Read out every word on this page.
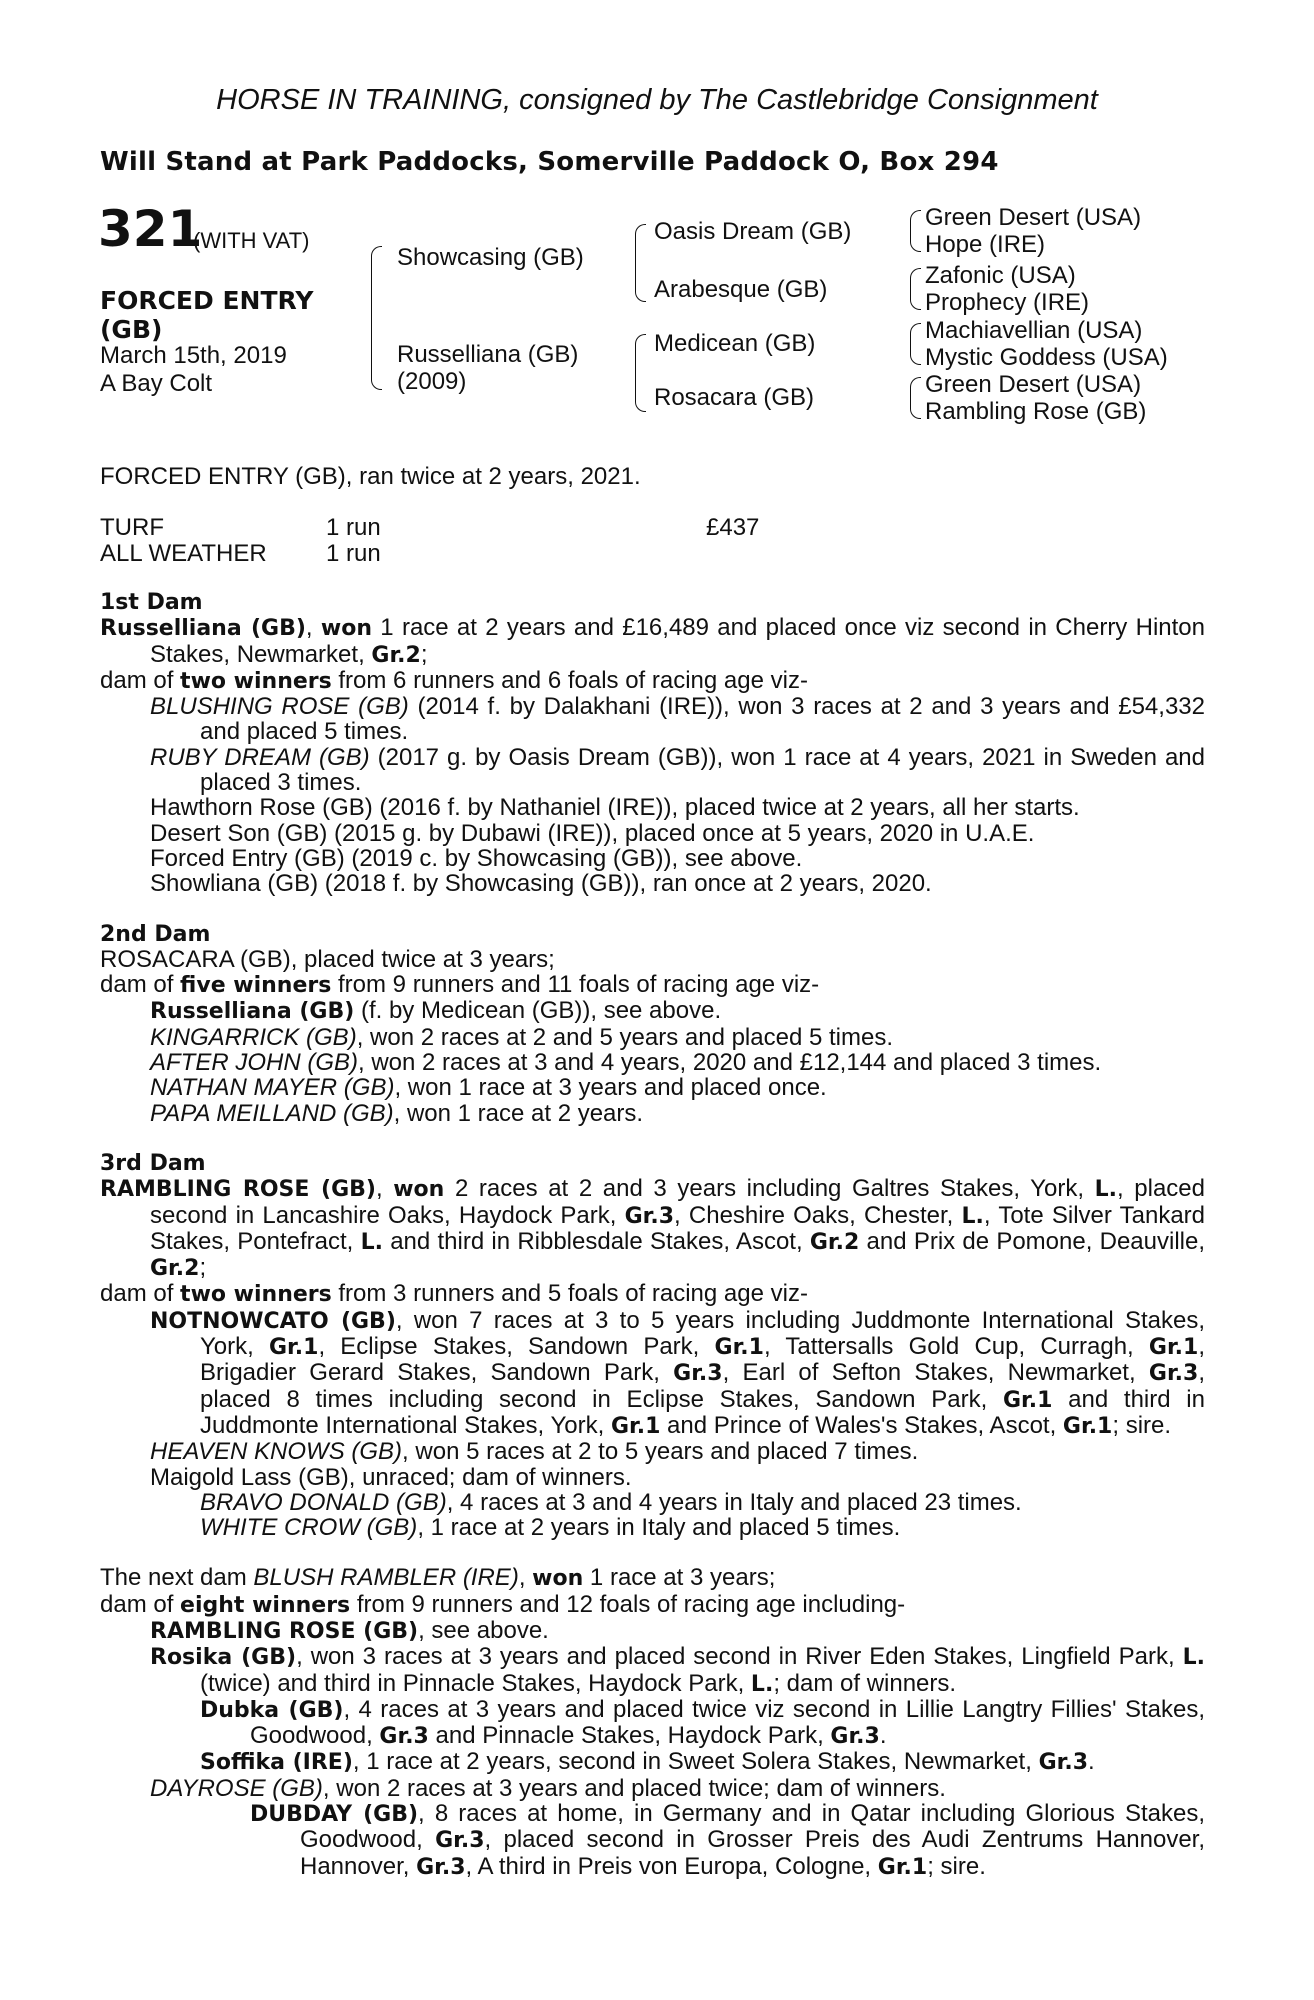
HORSE IN TRAINING, consigned by The Castlebridge Consignment
Will Stand at Park Paddocks, Somerville Paddock O, Box 294
321
(WITH VAT)
FORCED ENTRY (GB)
March 15th, 2019
A Bay Colt
Showcasing (GB)
Russelliana (GB)
(2009)
Oasis Dream (GB)
Arabesque (GB)
Medicean (GB)
Rosacara (GB)
Green Desert (USA)
Hope (IRE)
Zafonic (USA)
Prophecy (IRE)
Machiavellian (USA)
Mystic Goddess (USA)
Green Desert (USA)
Rambling Rose (GB)
FORCED ENTRY (GB), ran twice at 2 years, 2021.
TURF	1 run	£437
ALL WEATHER 1 run

1st Dam

Russelliana (GB), won 1 race at 2 years and £16,489 and placed once viz second in Cherry Hinton Stakes, Newmarket, Gr.2;

dam of two winners from 6 runners and 6 foals of racing age viz-

BLUSHING ROSE (GB) (2014 f. by Dalakhani (IRE)), won 3 races at 2 and 3 years and £54,332 and placed 5 times.

RUBY DREAM (GB) (2017 g. by Oasis Dream (GB)), won 1 race at 4 years, 2021 in Sweden and placed 3 times.

Hawthorn Rose (GB) (2016 f. by Nathaniel (IRE)), placed twice at 2 years, all her starts.

Desert Son (GB) (2015 g. by Dubawi (IRE)), placed once at 5 years, 2020 in U.A.E.

Forced Entry (GB) (2019 c. by Showcasing (GB)), see above.

Showliana (GB) (2018 f. by Showcasing (GB)), ran once at 2 years, 2020.

2nd Dam

ROSACARA (GB), placed twice at 3 years;

dam of five winners from 9 runners and 11 foals of racing age viz-

Russelliana (GB) (f. by Medicean (GB)), see above.

KINGARRICK (GB), won 2 races at 2 and 5 years and placed 5 times.

AFTER JOHN (GB), won 2 races at 3 and 4 years, 2020 and £12,144 and placed 3 times.

NATHAN MAYER (GB), won 1 race at 3 years and placed once.

PAPA MEILLAND (GB), won 1 race at 2 years.

3rd Dam

RAMBLING ROSE (GB), won 2 races at 2 and 3 years including Galtres Stakes, York, L., placed second in Lancashire Oaks, Haydock Park, Gr.3, Cheshire Oaks, Chester, L., Tote Silver Tankard Stakes, Pontefract, L. and third in Ribblesdale Stakes, Ascot, Gr.2 and Prix de Pomone, Deauville, Gr.2;

dam of two winners from 3 runners and 5 foals of racing age viz-

NOTNOWCATO (GB), won 7 races at 3 to 5 years including Juddmonte International Stakes, York, Gr.1, Eclipse Stakes, Sandown Park, Gr.1, Tattersalls Gold Cup, Curragh, Gr.1, Brigadier Gerard Stakes, Sandown Park, Gr.3, Earl of Sefton Stakes, Newmarket, Gr.3, placed 8 times including second in Eclipse Stakes, Sandown Park, Gr.1 and third in Juddmonte International Stakes, York, Gr.1 and Prince of Wales's Stakes, Ascot, Gr.1; sire.

HEAVEN KNOWS (GB), won 5 races at 2 to 5 years and placed 7 times.

Maigold Lass (GB), unraced; dam of winners.

BRAVO DONALD (GB), 4 races at 3 and 4 years in Italy and placed 23 times.

WHITE CROW (GB), 1 race at 2 years in Italy and placed 5 times.

The next dam BLUSH RAMBLER (IRE), won 1 race at 3 years;

dam of eight winners from 9 runners and 12 foals of racing age including-

RAMBLING ROSE (GB), see above.

Rosika (GB), won 3 races at 3 years and placed second in River Eden Stakes, Lingfield Park, L. (twice) and third in Pinnacle Stakes, Haydock Park, L.; dam of winners.

Dubka (GB), 4 races at 3 years and placed twice viz second in Lillie Langtry Fillies' Stakes, Goodwood, Gr.3 and Pinnacle Stakes, Haydock Park, Gr.3.

Soffika (IRE), 1 race at 2 years, second in Sweet Solera Stakes, Newmarket, Gr.3.

DAYROSE (GB), won 2 races at 3 years and placed twice; dam of winners.

DUBDAY (GB), 8 races at home, in Germany and in Qatar including Glorious Stakes, Goodwood, Gr.3, placed second in Grosser Preis des Audi Zentrums Hannover, Hannover, Gr.3, A third in Preis von Europa, Cologne, Gr.1; sire.
